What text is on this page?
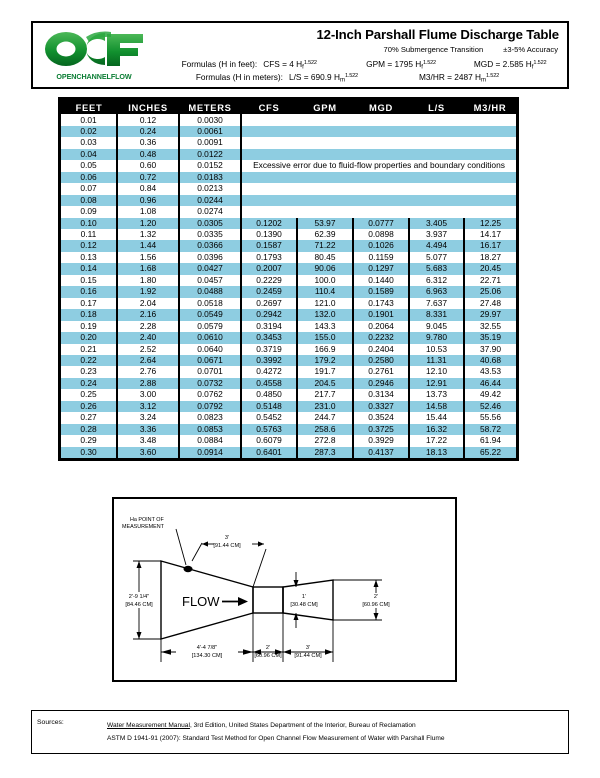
OPENCHANNELFLOW
12-Inch Parshall Flume Discharge Table
70% Submergence Transition	±3-5% Accuracy
Formulas (H in feet): CFS = 4 $H_f^{1.522}$	GPM = 1795 $H_f^{1.522}$	MGD = 2.585 $H_f^{1.522}$
Formulas (H in meters): L/S = 690.9 $H_m^{1.522}$	M3/HR = 2487 $H_m^{1.522}$
FEET	INCHES	METERS	CFS	GPM	MGD	L/S	M3/HR
0.01	0.12	0.0030					
0.02	0.24	0.0061					
0.03	0.36	0.0091					
0.04	0.48	0.0122					
0.05	0.60	0.0152	Excessive error due to fluid-flow properties and boundary conditions				
0.06	0.72	0.0183					
0.07	0.84	0.0213					
0.08	0.96	0.0244					
0.09	1.08	0.0274					
0.10	1.20	0.0305	0.1202	53.97	0.0777	3.405	12.25
0.11	1.32	0.0335	0.1390	62.39	0.0898	3.937	14.17
0.12	1.44	0.0366	0.1587	71.22	0.1026	4.494	16.17
0.13	1.56	0.0396	0.1793	80.45	0.1159	5.077	18.27
0.14	1.68	0.0427	0.2007	90.06	0.1297	5.683	20.45
0.15	1.80	0.0457	0.2229	100.0	0.1440	6.312	22.71
0.16	1.92	0.0488	0.2459	110.4	0.1589	6.963	25.06
0.17	2.04	0.0518	0.2697	121.0	0.1743	7.637	27.48
0.18	2.16	0.0549	0.2942	132.0	0.1901	8.331	29.97
0.19	2.28	0.0579	0.3194	143.3	0.2064	9.045	32.55
0.20	2.40	0.0610	0.3453	155.0	0.2232	9.780	35.19
0.21	2.52	0.0640	0.3719	166.9	0.2404	10.53	37.90
0.22	2.64	0.0671	0.3992	179.2	0.2580	11.31	40.68
0.23	2.76	0.0701	0.4272	191.7	0.2761	12.10	43.53
0.24	2.88	0.0732	0.4558	204.5	0.2946	12.91	46.44
0.25	3.00	0.0762	0.4850	217.7	0.3134	13.73	49.42
0.26	3.12	0.0792	0.5148	231.0	0.3327	14.58	52.46
0.27	3.24	0.0823	0.5452	244.7	0.3524	15.44	55.56
0.28	3.36	0.0853	0.5763	258.6	0.3725	16.32	58.72
0.29	3.48	0.0884	0.6079	272.8	0.3929	17.22	61.94
0.30	3.60	0.0914	0.6401	287.3	0.4137	18.13	65.22
Ha POINT OF
MEASUREMENT
3'
[91.44 CM]
2'-9 1/4"
[84.46 CM] FLOW	1'
[30.48 CM]
2'
[60.96 CM]
4'-4 7/8"
[134.30 CM]
2'
[60.96 CM]
3'
[91.44 CM]
Sources:	Water Measurement Manual, 3rd Edition, United States Department of the Interior, Bureau of Reclamation
ASTM D 1941-91 (2007): Standard Test Method for Open Channel Flow Measurement of Water with Parshall Flume
